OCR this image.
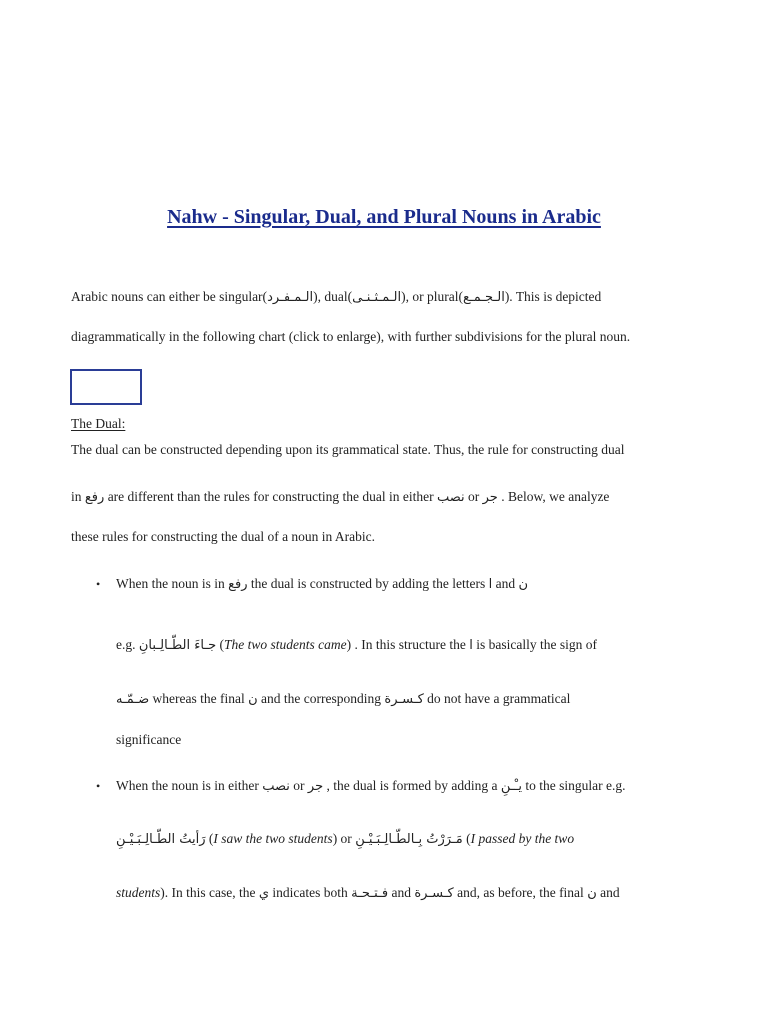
Nahw - Singular, Dual, and Plural Nouns in Arabic
Arabic nouns can either be singular(الـمـفـرد), dual(الـمـثـنـى), or plural(الـجـمـع). This is depicted
diagrammatically in the following chart (click to enlarge), with further subdivisions for the plural noun.
The Dual:
The dual can be constructed depending upon its grammatical state. Thus, the rule for constructing dual
in رفع are different than the rules for constructing the dual in either نصب or جر . Below, we analyze
these rules for constructing the dual of a noun in Arabic.
• When the noun is in رفع the dual is constructed by adding the letters ا and ن
e.g. جـاءَ الطّـالِـبانِ (The two students came) . In this structure the ا is basically the sign of
ضـمّـه whereas the final ن and the corresponding كـسـرة do not have a grammatical
significance
• When the noun is in either نصب or جر , the dual is formed by adding a يـْـنِ to the singular e.g.
رَأيتُ الطّـالِـبَـيْـنِ (I saw the two students) or مَـرَرْتُ بِـالطّـالِـبَـيْـنِ (I passed by the two
students). In this case, the ي indicates both فـتـحـة and كـسـرة and, as before, the final ن and
